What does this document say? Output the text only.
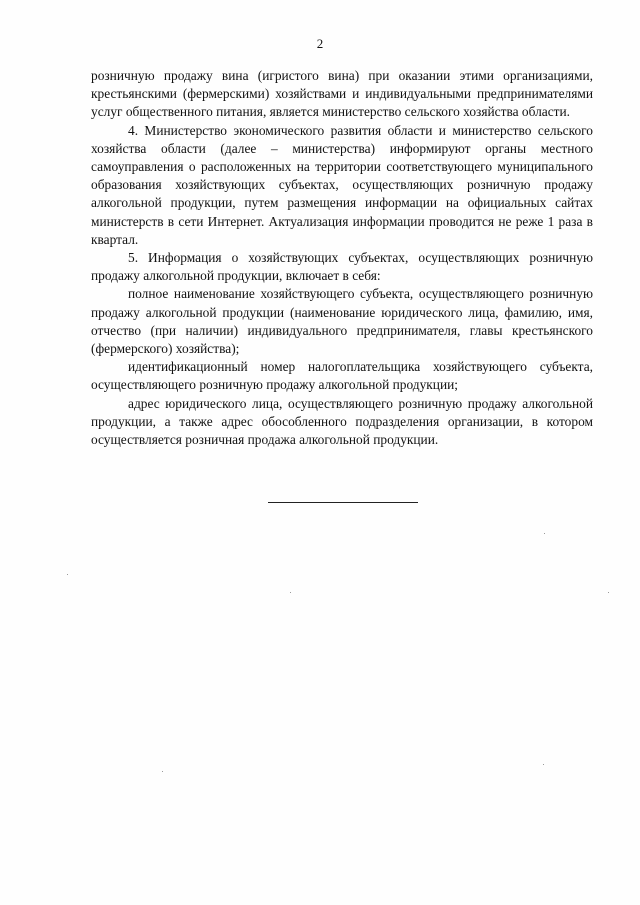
2

розничную продажу вина (игристого вина) при оказании этими организациями, крестьянскими (фермерскими) хозяйствами и индивидуальными предпринимателями услуг общественного питания, является министерство сельского хозяйства области.

4. Министерство экономического развития области и министерство сельского хозяйства области (далее – министерства) информируют органы местного самоуправления о расположенных на территории соответствующего муниципального образования хозяйствующих субъектах, осуществляющих розничную продажу алкогольной продукции, путем размещения информации на официальных сайтах министерств в сети Интернет. Актуализация информации проводится не реже 1 раза в квартал.

5. Информация о хозяйствующих субъектах, осуществляющих розничную продажу алкогольной продукции, включает в себя:

полное наименование хозяйствующего субъекта, осуществляющего розничную продажу алкогольной продукции (наименование юридического лица, фамилию, имя, отчество (при наличии) индивидуального предпринимателя, главы крестьянского (фермерского) хозяйства);

идентификационный номер налогоплательщика хозяйствующего субъекта, осуществляющего розничную продажу алкогольной продукции;

адрес юридического лица, осуществляющего розничную продажу алкогольной продукции, а также адрес обособленного подразделения организации, в котором осуществляется розничная продажа алкогольной продукции.
